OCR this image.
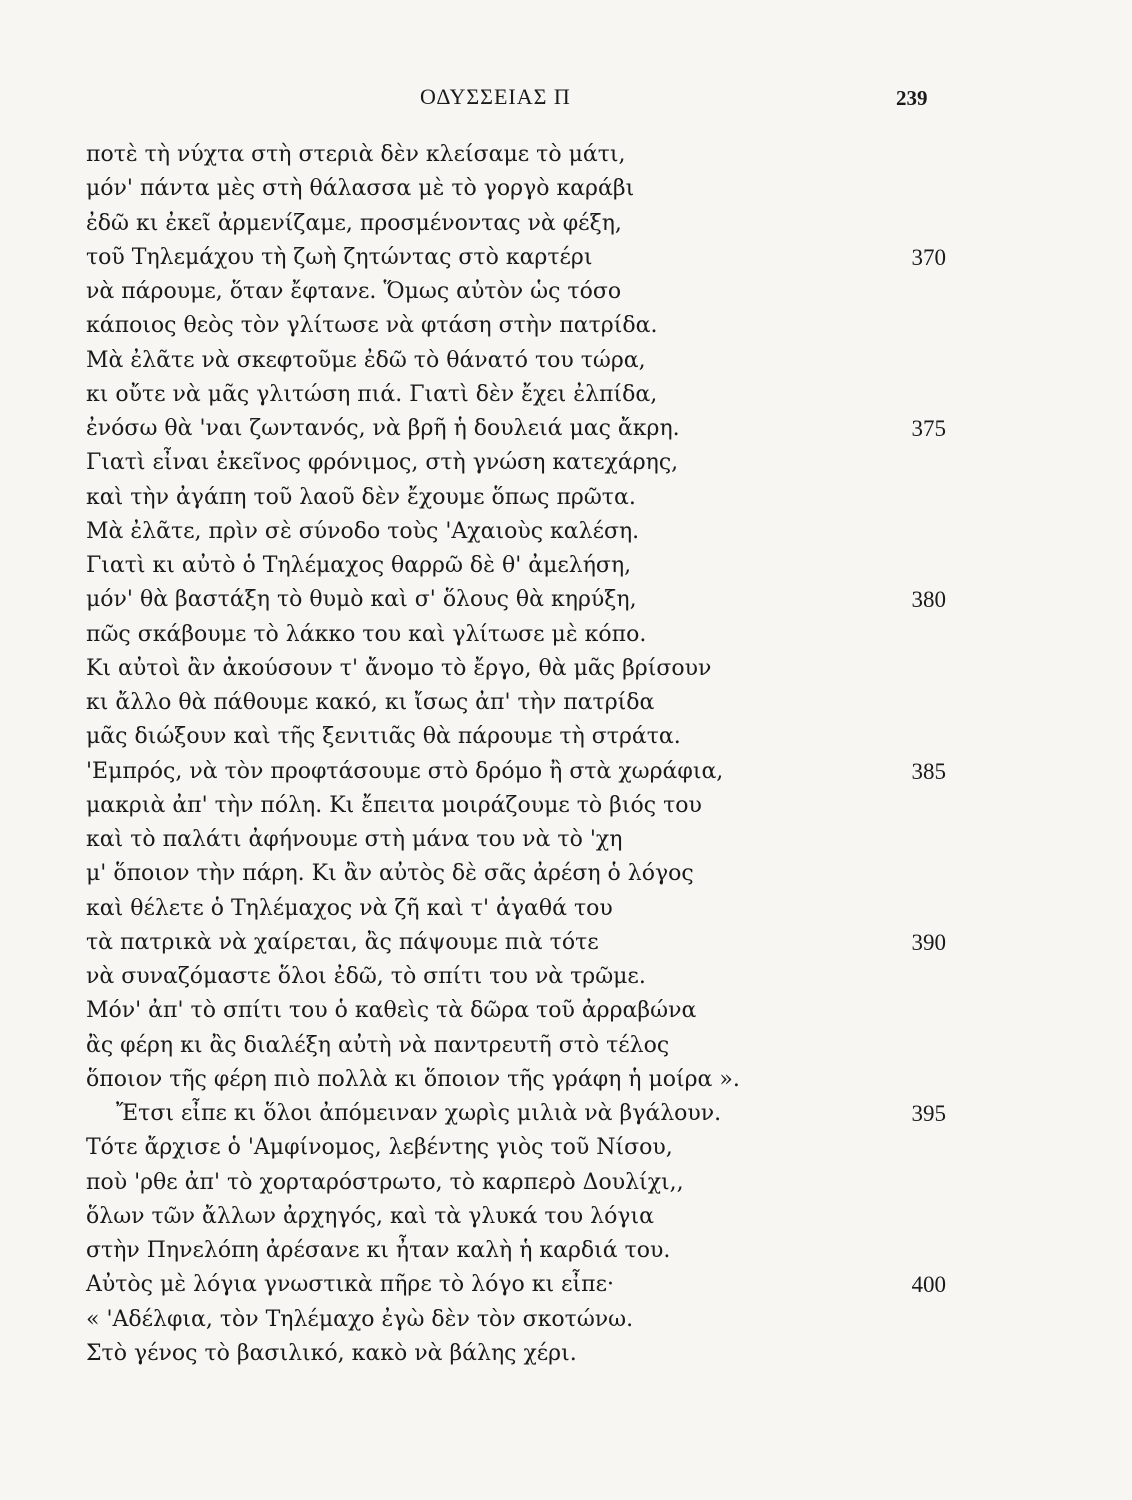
ΟΔΥΣΣΕΙΑΣ Π	239
ποτὲ τὴ νύχτα στὴ στεριὰ δὲν κλείσαμε τὸ μάτι,
μόν' πάντα μὲς στὴ θάλασσα μὲ τὸ γοργὸ καράβι
ἐδῶ κι ἐκεῖ ἀρμενίζαμε, προσμένοντας νὰ φέξη,
τοῦ Τηλεμάχου τὴ ζωὴ ζητώντας στὸ καρτέρι	370
νὰ πάρουμε, ὅταν ἔφτανε. Ὅμως αὐτὸν ὡς τόσο
κάποιος θεὸς τὸν γλίτωσε νὰ φτάση στὴν πατρίδα.
Μὰ ἐλᾶτε νὰ σκεφτοῦμε ἐδῶ τὸ θάνατό του τώρα,
κι οὔτε νὰ μᾶς γλιτώση πιά. Γιατὶ δὲν ἔχει ἐλπίδα,
ἐνόσω θὰ 'ναι ζωντανός, νὰ βρῆ ἡ δουλειά μας ἄκρη.	375
Γιατὶ εἶναι ἐκεῖνος φρόνιμος, στὴ γνώση κατεχάρης,
καὶ τὴν ἀγάπη τοῦ λαοῦ δὲν ἔχουμε ὅπως πρῶτα.
Μὰ ἐλᾶτε, πρὶν σὲ σύνοδο τοὺς 'Αχαιοὺς καλέση.
Γιατὶ κι αὐτὸ ὁ Τηλέμαχος θαρρῶ δὲ θ' ἀμελήση,
μόν' θὰ βαστάξη τὸ θυμὸ καὶ σ' ὅλους θὰ κηρύξη,	380
πῶς σκάβουμε τὸ λάκκο του καὶ γλίτωσε μὲ κόπο.
Κι αὐτοὶ ἂν ἀκούσουν τ' ἄνομο τὸ ἔργο, θὰ μᾶς βρίσουν
κι ἄλλο θὰ πάθουμε κακό, κι ἴσως ἀπ' τὴν πατρίδα
μᾶς διώξουν καὶ τῆς ξενιτιᾶς θὰ πάρουμε τὴ στράτα.
'Εμπρός, νὰ τὸν προφτάσουμε στὸ δρόμο ἢ στὰ χωράφια,	385
μακριὰ ἀπ' τὴν πόλη. Κι ἔπειτα μοιράζουμε τὸ βιός του
καὶ τὸ παλάτι ἀφήνουμε στὴ μάνα του νὰ τὸ 'χη
μ' ὅποιον τὴν πάρη. Κι ἂν αὐτὸς δὲ σᾶς ἀρέση ὁ λόγος
καὶ θέλετε ὁ Τηλέμαχος νὰ ζῆ καὶ τ' ἀγαθά του
τὰ πατρικὰ νὰ χαίρεται, ἂς πάψουμε πιὰ τότε	390
νὰ συναζόμαστε ὅλοι ἐδῶ, τὸ σπίτι του νὰ τρῶμε.
Μόν' ἀπ' τὸ σπίτι του ὁ καθεὶς τὰ δῶρα τοῦ ἀρραβώνα
ἂς φέρη κι ἂς διαλέξη αὐτὴ νὰ παντρευτῆ στὸ τέλος
ὅποιον τῆς φέρη πιὸ πολλὰ κι ὅποιον τῆς γράφη ἡ μοίρα ».
Ἔτσι εἶπε κι ὅλοι ἀπόμειναν χωρὶς μιλιὰ νὰ βγάλουν.	395
Τότε ἄρχισε ὁ 'Αμφίνομος, λεβέντης γιὸς τοῦ Νίσου,
ποὺ 'ρθε ἀπ' τὸ χορταρόστρωτο, τὸ καρπερὸ Δουλίχι,,
ὅλων τῶν ἄλλων ἀρχηγός, καὶ τὰ γλυκά του λόγια
στὴν Πηνελόπη ἀρέσανε κι ἦταν καλὴ ἡ καρδιά του.
Αὐτὸς μὲ λόγια γνωστικὰ πῆρε τὸ λόγο κι εἶπε·	400
« 'Αδέλφια, τὸν Τηλέμαχο ἐγὼ δὲν τὸν σκοτώνω.
Στὸ γένος τὸ βασιλικό, κακὸ νὰ βάλης χέρι.
